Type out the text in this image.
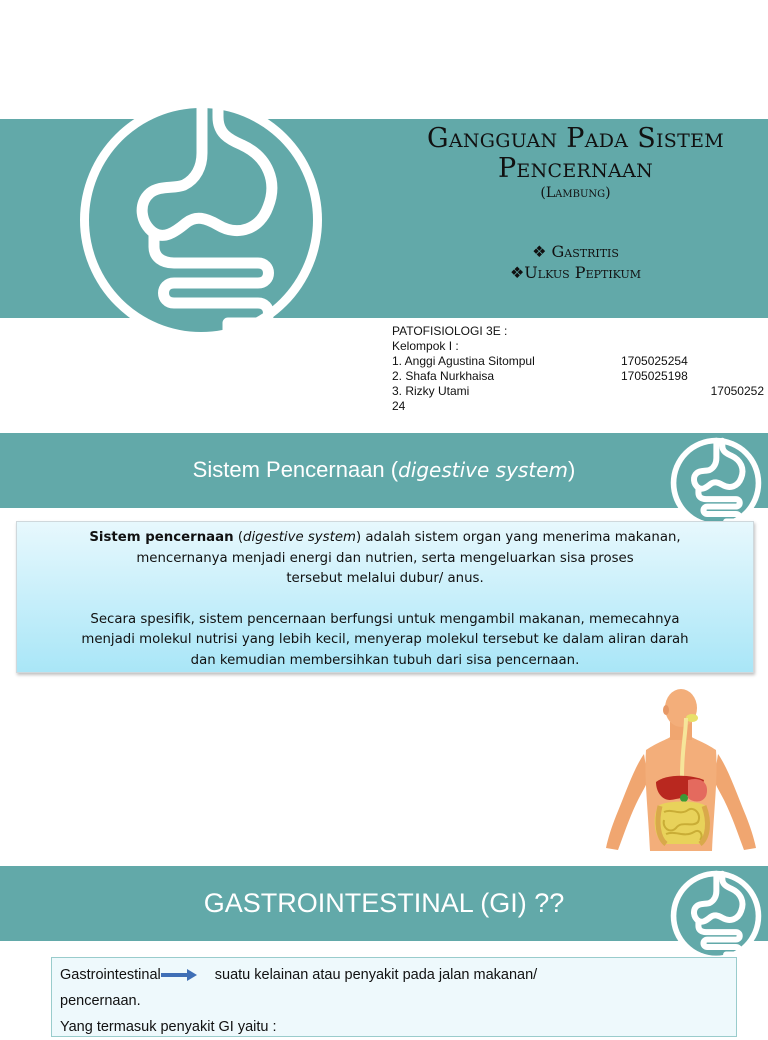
Gangguan Pada Sistem
Pencernaan
(Lambung)
❖ Gastritis
❖Ulkus Peptikum
PATOFISIOLOGI 3E :
Kelompok I :
1. Anggi Agustina Sitompul	1705025254
2. Shafa Nurkhaisa	1705025198
3. Rizky Utami	17050252
24
Sistem Pencernaan (digestive system)

Sistem pencernaan (digestive system) adalah sistem organ yang menerima makanan,

mencernanya menjadi energi dan nutrien, serta mengeluarkan sisa proses

tersebut melalui dubur/ anus.

Secara spesifik, sistem pencernaan berfungsi untuk mengambil makanan, memecahnya

menjadi molekul nutrisi yang lebih kecil, menyerap molekul tersebut ke dalam aliran darah

dan kemudian membersihkan tubuh dari sisa pencernaan.

GASTROINTESTINAL (GI) ??
Gastrointestinal	suatu kelainan atau penyakit pada jalan makanan/
pencernaan.
Yang termasuk penyakit GI yaitu :
